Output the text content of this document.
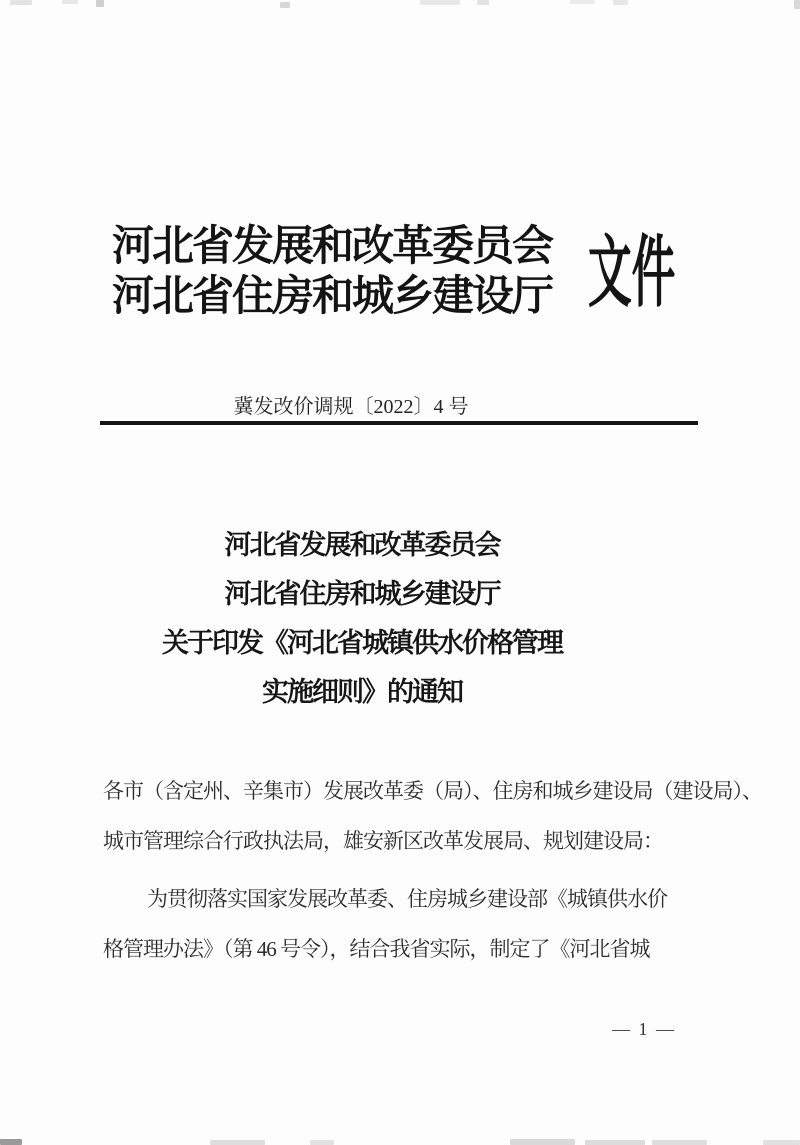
河北省发展和改革委员会
河北省住房和城乡建设厅 文件
冀发改价调规〔2022〕4 号
河北省发展和改革委员会
河北省住房和城乡建设厅
关于印发《河北省城镇供水价格管理
实施细则》的通知
各市（含定州、辛集市）发展改革委（局）、住房和城乡建设局（建设局）、
城市管理综合行政执法局，雄安新区改革发展局、规划建设局：
为贯彻落实国家发展改革委、住房城乡建设部《城镇供水价
格管理办法》（第 46 号令），结合我省实际，制定了《河北省城
— 1 —
